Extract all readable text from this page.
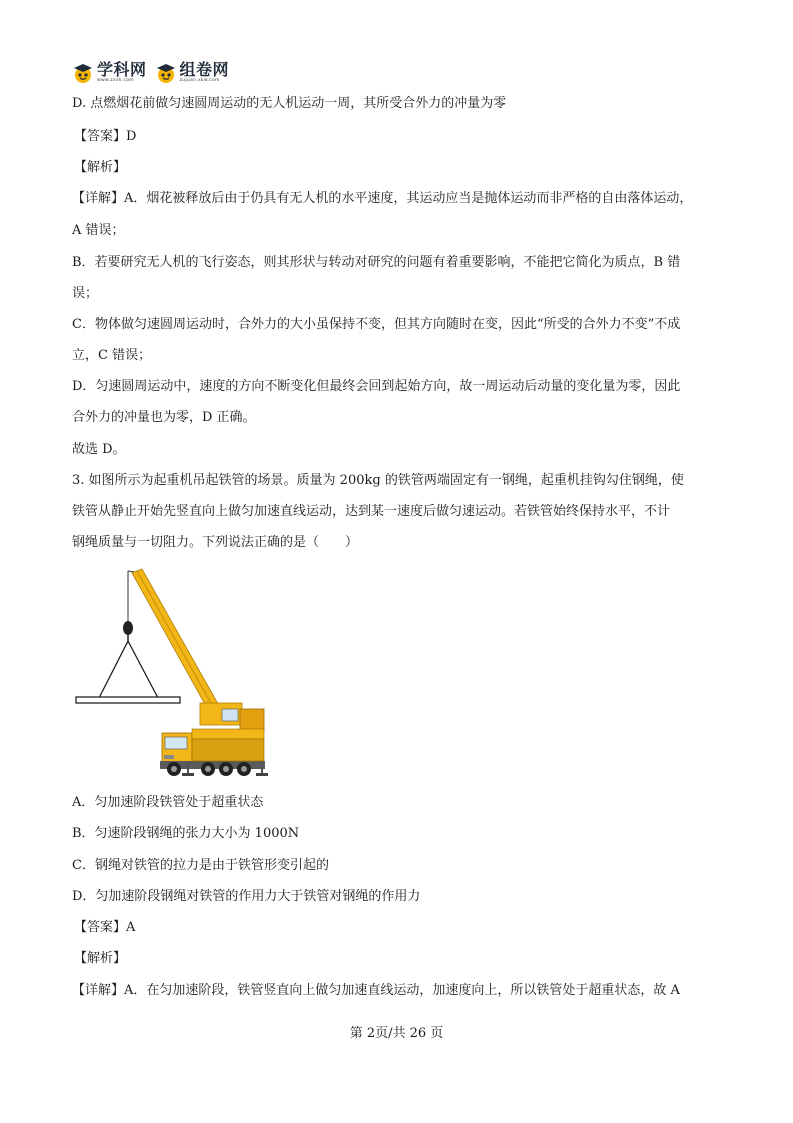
学科网
www.zxxk.com
组卷网
zujuan.xkw.com
D. 点燃烟花前做匀速圆周运动的无人机运动一周，其所受合外力的冲量为零
【答案】D
【解析】
【详解】A．烟花被释放后由于仍具有无人机的水平速度，其运动应当是抛体运动而非严格的自由落体运动，
A 错误；
B．若要研究无人机的飞行姿态，则其形状与转动对研究的问题有着重要影响，不能把它简化为质点，B 错
误；
C．物体做匀速圆周运动时，合外力的大小虽保持不变，但其方向随时在变，因此“所受的合外力不变”不成
立，C 错误；
D．匀速圆周运动中，速度的方向不断变化但最终会回到起始方向，故一周运动后动量的变化量为零，因此
合外力的冲量也为零，D 正确。
故选 D。
3. 如图所示为起重机吊起铁管的场景。质量为 200kg 的铁管两端固定有一钢绳，起重机挂钩勾住钢绳，使
铁管从静止开始先竖直向上做匀加速直线运动，达到某一速度后做匀速运动。若铁管始终保持水平，不计
钢绳质量与一切阻力。下列说法正确的是（　　）
A．匀加速阶段铁管处于超重状态
B．匀速阶段钢绳的张力大小为 1000N
C．钢绳对铁管的拉力是由于铁管形变引起的
D．匀加速阶段钢绳对铁管的作用力大于铁管对钢绳的作用力
【答案】A
【解析】
【详解】A．在匀加速阶段，铁管竖直向上做匀加速直线运动，加速度向上，所以铁管处于超重状态，故 A
第 2页/共 26 页
